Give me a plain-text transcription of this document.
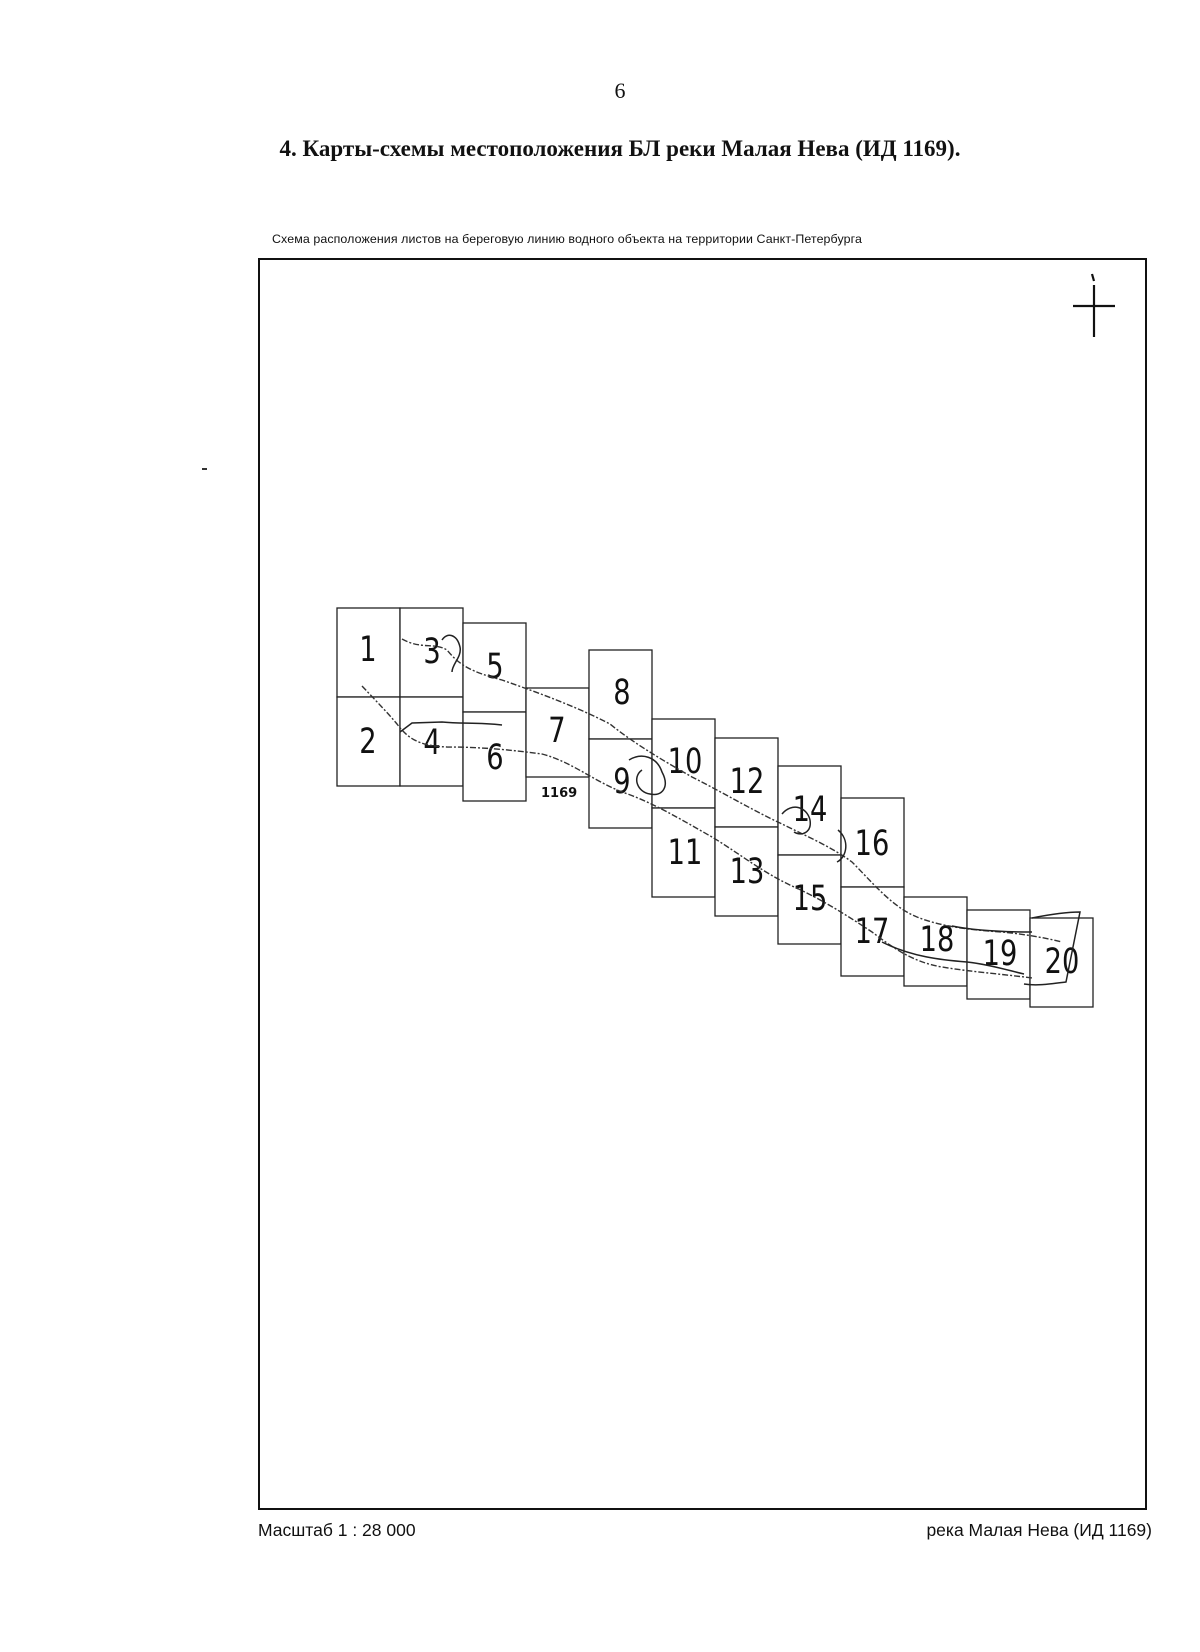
6
4. Карты-схемы местоположения БЛ реки Малая Нева (ИД 1169).
Схема расположения листов на береговую линию водного объекта на территории Санкт-Петербурга
1
2
3
4
5
6
7
8
9 10
11
12
13
14
15
16
17 18 19 20
1169
Масштаб 1 : 28 000	река Малая Нева (ИД 1169)
